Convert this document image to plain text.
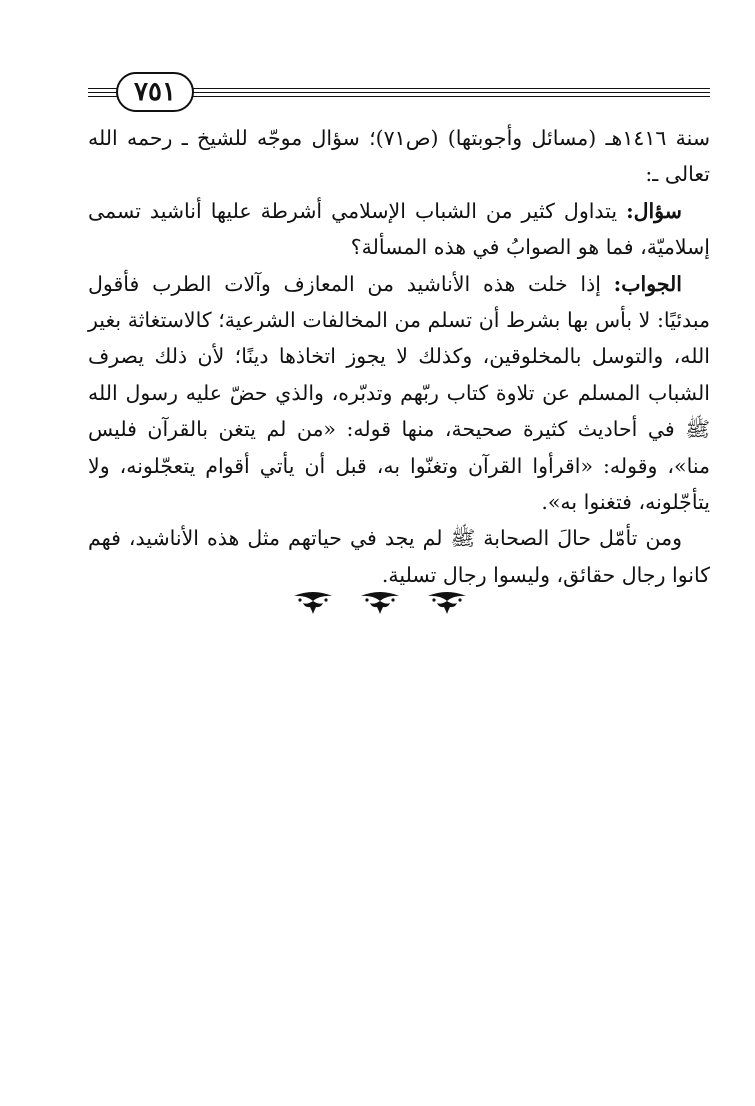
٧٥١

سنة ١٤١٦هـ (مسائل وأجوبتها) (ص٧١)؛ سؤال موجّه للشيخ ـ رحمه الله تعالى ـ:

سؤال: يتداول كثير من الشباب الإسلامي أشرطة عليها أناشيد تسمى إسلاميّة، فما هو الصوابُ في هذه المسألة؟

الجواب: إذا خلت هذه الأناشيد من المعازف وآلات الطرب فأقول مبدئيًا: لا بأس بها بشرط أن تسلم من المخالفات الشرعية؛ كالاستغاثة بغير الله، والتوسل بالمخلوقين، وكذلك لا يجوز اتخاذها دينًا؛ لأن ذلك يصرف الشباب المسلم عن تلاوة كتاب ربّهم وتدبّره، والذي حضّ عليه رسول الله ﷺ في أحاديث كثيرة صحيحة، منها قوله: «من لم يتغن بالقرآن فليس منا»، وقوله: «اقرأوا القرآن وتغنّوا به، قبل أن يأتي أقوام يتعجّلونه، ولا يتأجّلونه، فتغنوا به».

ومن تأمّل حالَ الصحابة ﷺ لم يجد في حياتهم مثل هذه الأناشيد، فهم كانوا رجال حقائق، وليسوا رجال تسلية.
